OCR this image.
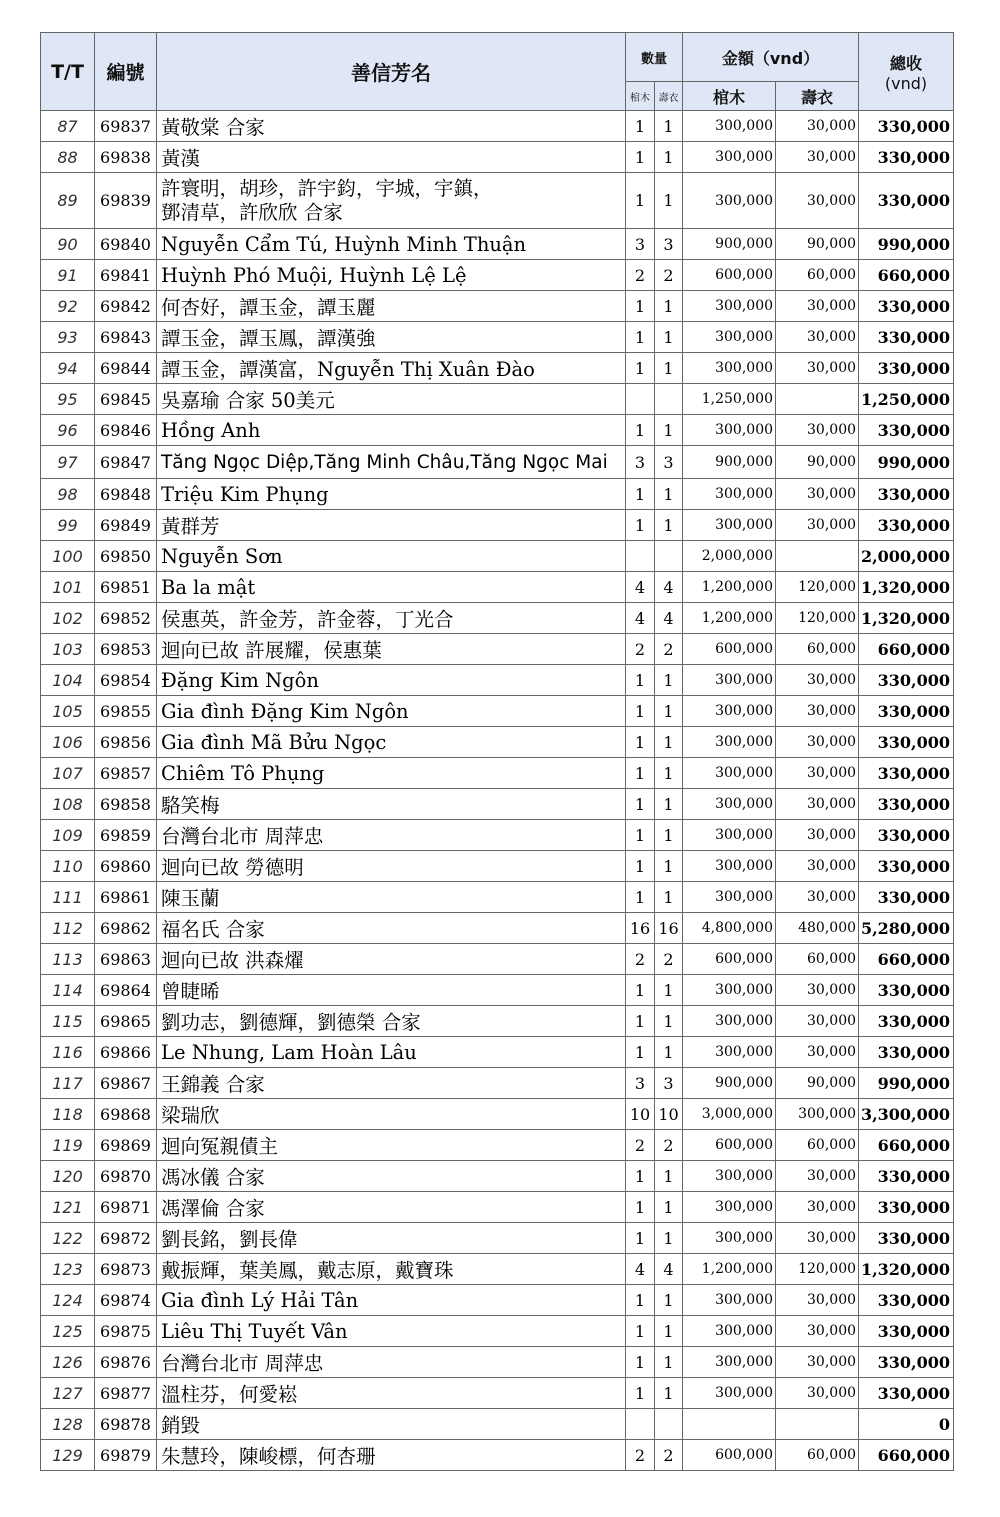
T/T	編號	善信芳名	數量		金額（vnd）		總收
(vnd)

			棺木	壽衣	棺木	壽衣	
87	69837	黃敬棠 合家	1	1	300,000	30,000	330,000
88	69838	黃漢	1	1	300,000	30,000	330,000
89	69839	許寰明，胡珍，許宇鈞，宇城，宇鎮，
鄧清草，許欣欣 合家	1	1	300,000	30,000	330,000
90	69840	Nguyễn Cẩm Tú, Huỳnh Minh Thuận	3	3	900,000	90,000	990,000
91	69841	Huỳnh Phó Muội, Huỳnh Lệ Lệ	2	2	600,000	60,000	660,000
92	69842	何杏好，譚玉金，譚玉麗	1	1	300,000	30,000	330,000
93	69843	譚玉金，譚玉鳳，譚漢強	1	1	300,000	30,000	330,000
94	69844	譚玉金，譚漢富，Nguyễn Thị Xuân Đào	1	1	300,000	30,000	330,000
95	69845	吳嘉瑜 合家 50美元			1,250,000		1,250,000
96	69846	Hồng Anh	1	1	300,000	30,000	330,000
97	69847	Tăng Ngọc Diệp,Tăng Minh Châu,Tăng Ngọc Mai	3	3	900,000	90,000	990,000
98	69848	Triệu Kim Phụng	1	1	300,000	30,000	330,000
99	69849	黃群芳	1	1	300,000	30,000	330,000
100	69850	Nguyễn Sơn			2,000,000		2,000,000
101	69851	Ba la mật	4	4	1,200,000	120,000	1,320,000
102	69852	侯惠英，許金芳，許金蓉，丁光合	4	4	1,200,000	120,000	1,320,000
103	69853	迴向已故 許展耀，侯惠葉	2	2	600,000	60,000	660,000
104	69854	Đặng Kim Ngôn	1	1	300,000	30,000	330,000
105	69855	Gia đình Đặng Kim Ngôn	1	1	300,000	30,000	330,000
106	69856	Gia đình Mã Bửu Ngọc	1	1	300,000	30,000	330,000
107	69857	Chiêm Tô Phụng	1	1	300,000	30,000	330,000
108	69858	駱笑梅	1	1	300,000	30,000	330,000
109	69859	台灣台北市 周萍忠	1	1	300,000	30,000	330,000
110	69860	迴向已故 勞德明	1	1	300,000	30,000	330,000
111	69861	陳玉蘭	1	1	300,000	30,000	330,000
112	69862	福名氏 合家	16	16	4,800,000	480,000	5,280,000
113	69863	迴向已故 洪森燿	2	2	600,000	60,000	660,000
114	69864	曾睫晞	1	1	300,000	30,000	330,000
115	69865	劉功志，劉德輝，劉德榮 合家	1	1	300,000	30,000	330,000
116	69866	Le Nhung, Lam Hoàn Lâu	1	1	300,000	30,000	330,000
117	69867	王錦義 合家	3	3	900,000	90,000	990,000
118	69868	梁瑞欣	10	10	3,000,000	300,000	3,300,000
119	69869	迴向冤親債主	2	2	600,000	60,000	660,000
120	69870	馮冰儀 合家	1	1	300,000	30,000	330,000
121	69871	馮澤倫 合家	1	1	300,000	30,000	330,000
122	69872	劉長銘，劉長偉	1	1	300,000	30,000	330,000
123	69873	戴振輝，葉美鳳，戴志原，戴寶珠	4	4	1,200,000	120,000	1,320,000
124	69874	Gia đình Lý Hải Tân	1	1	300,000	30,000	330,000
125	69875	Liêu Thị Tuyết Vân	1	1	300,000	30,000	330,000
126	69876	台灣台北市 周萍忠	1	1	300,000	30,000	330,000
127	69877	溫柱芬，何愛崧	1	1	300,000	30,000	330,000
128	69878	銷毀					0
129	69879	朱慧玲，陳峻標，何杏珊	2	2	600,000	60,000	660,000
